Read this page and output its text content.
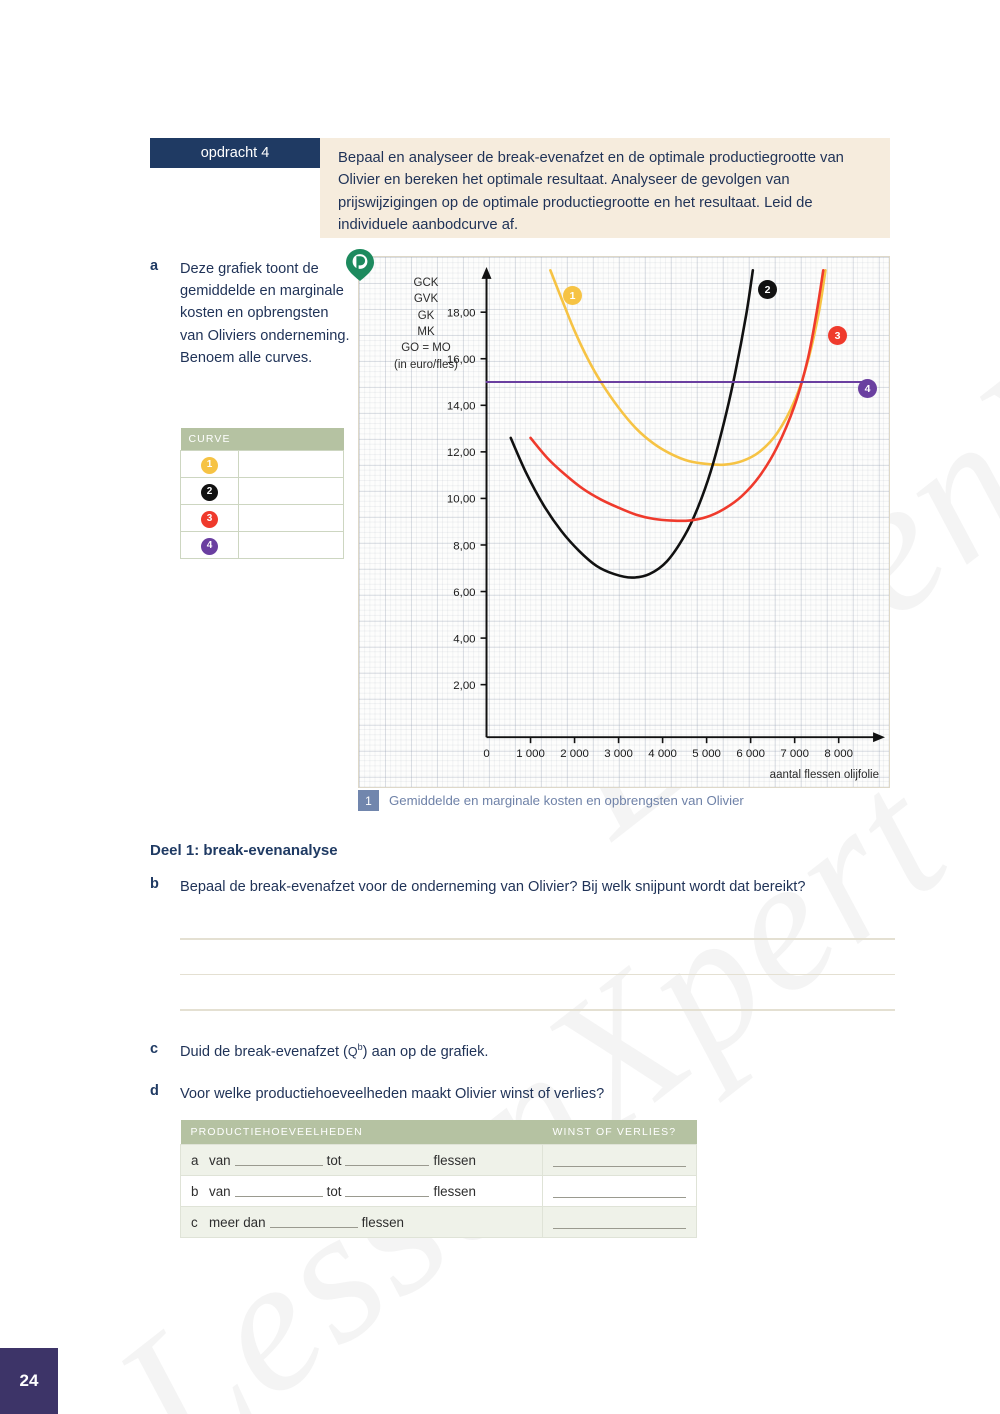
opdracht 4	Bepaal en analyseer de break-evenafzet en de optimale productiegrootte van Olivier en bereken het optimale resultaat. Analyseer de gevolgen van prijswijzigingen op de optimale productiegrootte en het resultaat. Leid de individuele aanbodcurve af.
a	Deze grafiek toont de gemiddelde en marginale kosten en opbrengsten van Oliviers onderneming. Benoem alle curves.
CURVE	
1	
2	
3	
4	
2,00
4,00
6,00
8,00
10,00
12,00
14,00
16,00
18,00
0 1 000 2 000 3 000 4 000 5 000 6 000 7 000 8 000
GCK
GVK
GK
MK
GO = MO
(in euro/fles)
aantal flessen olijfolie
1	2
3
4
1	Gemiddelde en marginale kosten en opbrengsten van Olivier
Deel 1: break-evenanalyse
b	Bepaal de break-evenafzet voor de onderneming van Olivier? Bij welk snijpunt wordt dat bereikt?
c	Duid de break-evenafzet $(Q^b)$ aan op de grafiek.
d	Voor welke productiehoeveelheden maakt Olivier winst of verlies?
PRODUCTIEHOEVEELHEDEN	WINST OF VERLIES?

a van tot flessen	

b van tot flessen	

c meer dan flessen	

24
